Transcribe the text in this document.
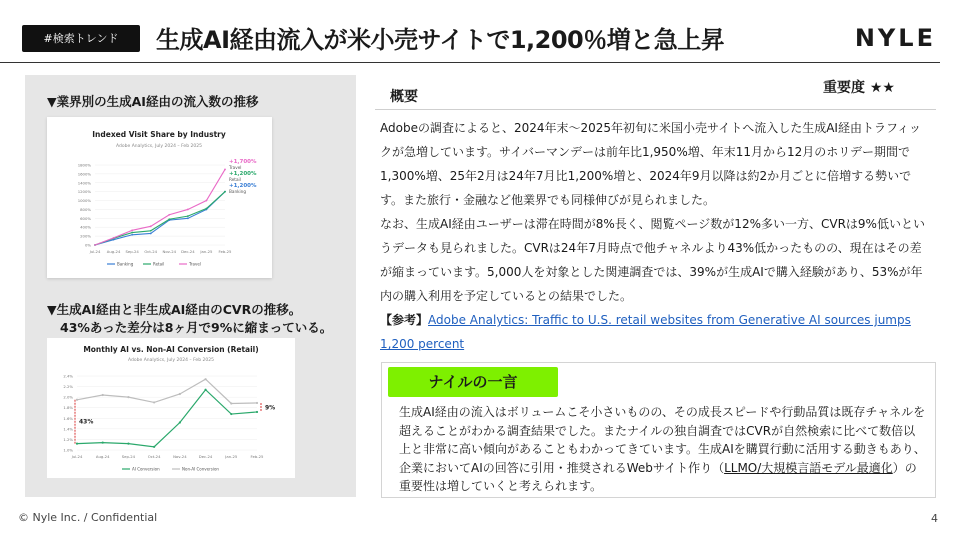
#検索トレンド	生成AI経由流入が米小売サイトで1,200％増と急上昇	NYLE
▼業界別の生成AI経由の流入数の推移
Indexed Visit Share by Industry
Adobe Analytics, July 2024 – Feb 2025
0%
200%
400%
600%
800%
1000%
1200%
1400%
1600%
1800%
Jul-24 Aug-24 Sep-24 Oct-24 Nov-24 Dec-24 Jan-25 Feb-25
+1,700%
Travel
+1,200%
Retail
+1,200%
Banking
Banking	Retail	Travel
▼生成AI経由と非生成AI経由のCVRの推移。
43%あった差分は8ヶ月で9%に縮まっている。
Monthly AI vs. Non-AI Conversion (Retail)
Adobe Analytics, July 2024 – Feb 2025
1.0%
1.2%
1.4%
1.6%
1.8%
2.0%
2.2%
2.4%
Jul-24	Aug-24	Sep-24	Oct-24	Nov-24	Dec-24	Jan-25	Feb-25
43%
9%
AI Conversion	Non-AI Conversion
概要
重要度 ★★

Adobeの調査によると、2024年末〜2025年初旬に米国小売サイトへ流入した生成AI経由トラフィックが急増しています。サイバーマンデーは前年比1,950%増、年末11月から12月のホリデー期間で1,300%増、25年2月は24年7月比1,200%増と、2024年9月以降は約2か月ごとに倍増する勢いです。また旅行・金融など他業界でも同様伸びが見られました。

なお、生成AI経由ユーザーは滞在時間が8%長く、閲覧ページ数が12%多い一方、CVRは9%低いというデータも見られました。CVRは24年7月時点で他チャネルより43%低かったものの、現在はその差が縮まっています。5,000人を対象とした関連調査では、39%が生成AIで購入経験があり、53%が年内の購入利用を予定しているとの結果でした。

【参考】Adobe Analytics: Traffic to U.S. retail websites from Generative AI sources jumps 1,200 percent
ナイルの一言
生成AI経由の流入はボリュームこそ小さいものの、その成長スピードや行動品質は既存チャネルを超えることがわかる調査結果でした。またナイルの独自調査ではCVRが自然検索に比べて数倍以上と非常に高い傾向があることもわかってきています。生成AIを購買行動に活用する動きもあり、企業においてAIの回答に引用・推奨されるWebサイト作り（LLMO/大規模言語モデル最適化）の重要性は増していくと考えられます。
© Nyle Inc. / Confidential	4
